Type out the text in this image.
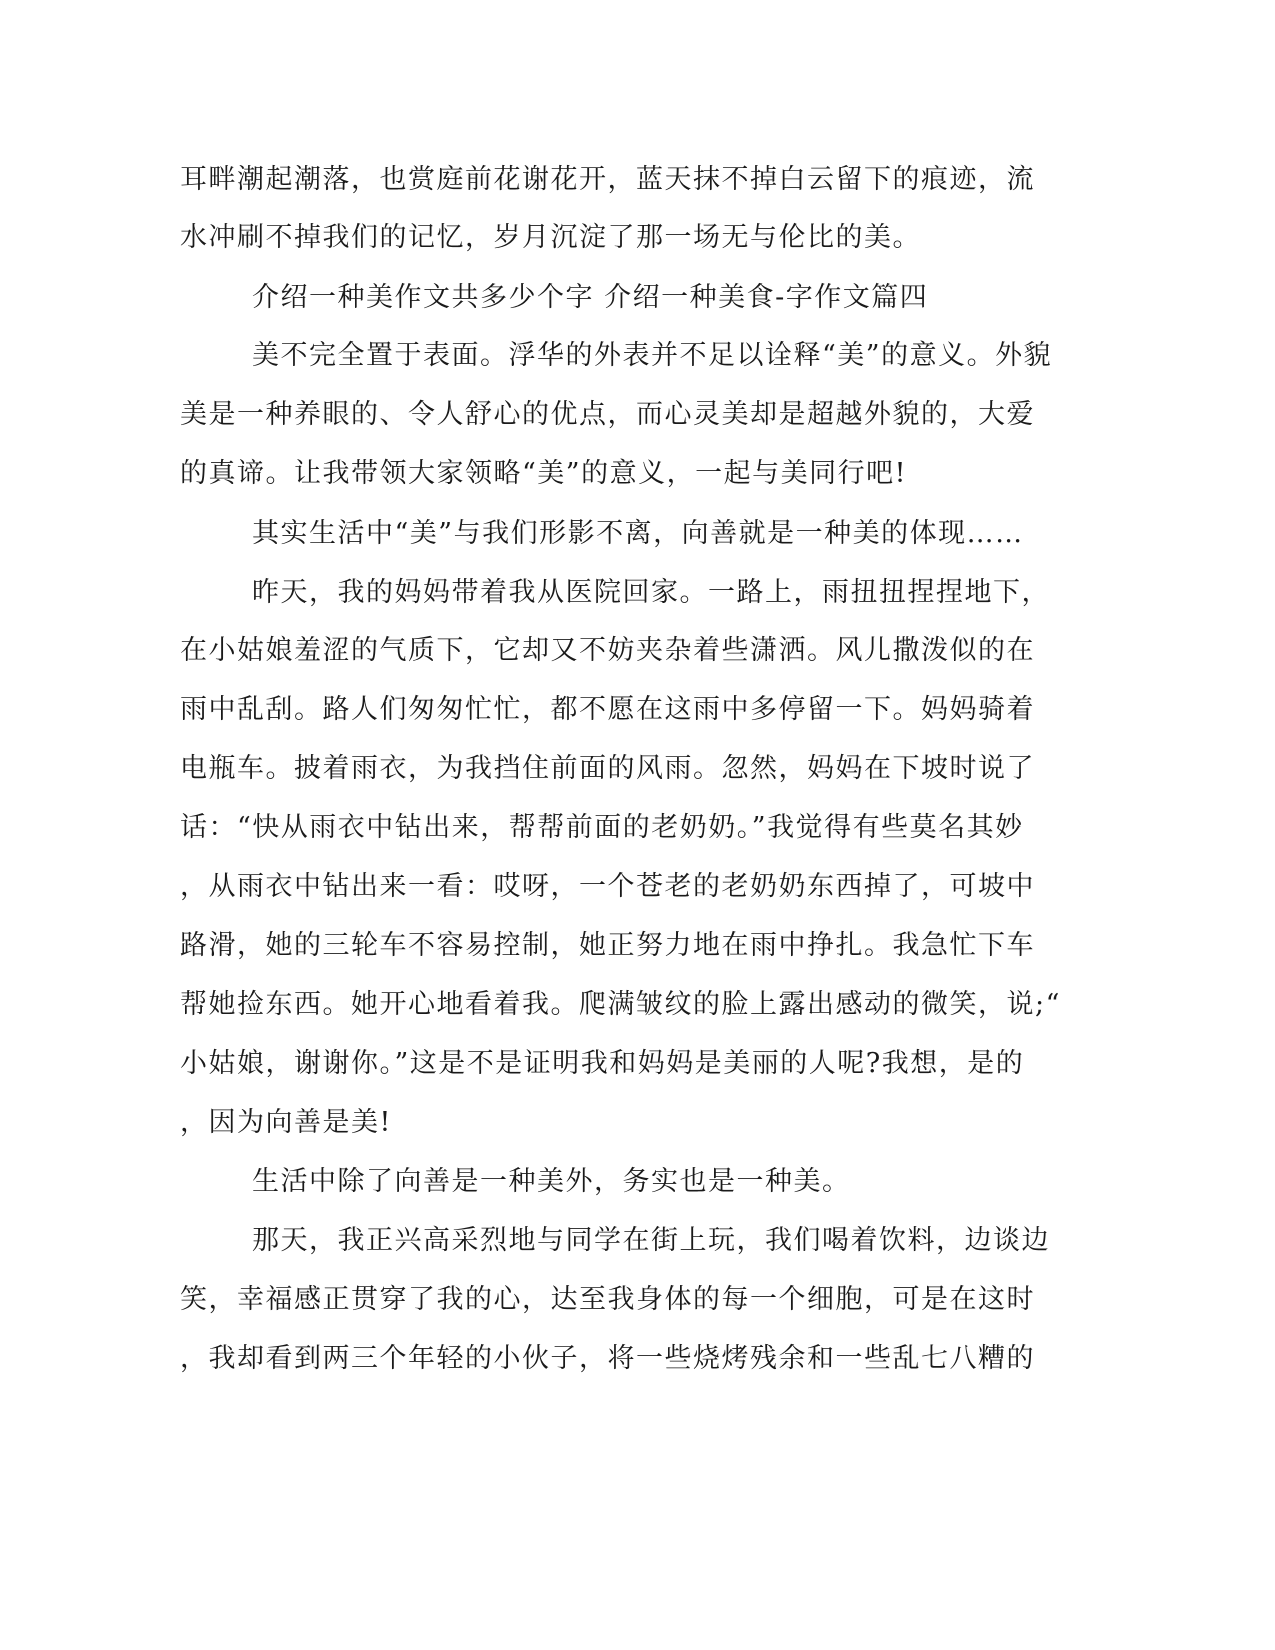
耳畔潮起潮落，也赏庭前花谢花开，蓝天抹不掉白云留下的痕迹，流
水冲刷不掉我们的记忆，岁月沉淀了那一场无与伦比的美。
介绍一种美作文共多少个字 介绍一种美食-字作文篇四
美不完全置于表面。浮华的外表并不足以诠释“美”的意义。外貌
美是一种养眼的、令人舒心的优点，而心灵美却是超越外貌的，大爱
的真谛。让我带领大家领略“美”的意义，一起与美同行吧!
其实生活中“美”与我们形影不离，向善就是一种美的体现……
昨天，我的妈妈带着我从医院回家。一路上，雨扭扭捏捏地下，
在小姑娘羞涩的气质下，它却又不妨夹杂着些潇洒。风儿撒泼似的在
雨中乱刮。路人们匆匆忙忙，都不愿在这雨中多停留一下。妈妈骑着
电瓶车。披着雨衣，为我挡住前面的风雨。忽然，妈妈在下坡时说了
话：“快从雨衣中钻出来，帮帮前面的老奶奶。”我觉得有些莫名其妙
，从雨衣中钻出来一看：哎呀，一个苍老的老奶奶东西掉了，可坡中
路滑，她的三轮车不容易控制，她正努力地在雨中挣扎。我急忙下车
帮她捡东西。她开心地看着我。爬满皱纹的脸上露出感动的微笑，说;“
小姑娘，谢谢你。”这是不是证明我和妈妈是美丽的人呢?我想，是的
，因为向善是美!
生活中除了向善是一种美外，务实也是一种美。
那天，我正兴高采烈地与同学在街上玩，我们喝着饮料，边谈边
笑，幸福感正贯穿了我的心，达至我身体的每一个细胞，可是在这时
，我却看到两三个年轻的小伙子，将一些烧烤残余和一些乱七八糟的
